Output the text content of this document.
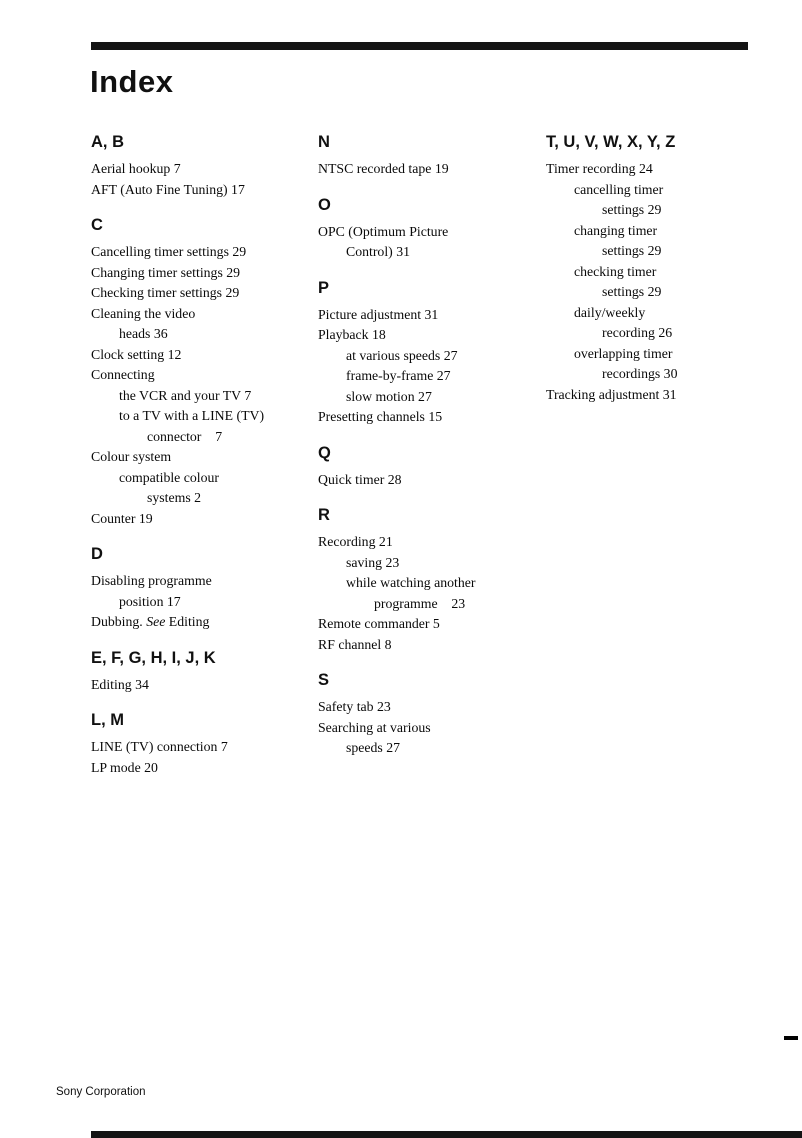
Index
A, B
Aerial hookup 7
AFT (Auto Fine Tuning) 17
C
Cancelling timer settings 29
Changing timer settings 29
Checking timer settings 29
Cleaning the video
heads 36
Clock setting 12
Connecting
the VCR and your TV 7
to a TV with a LINE (TV)
connector    7
Colour system
compatible colour
systems 2
Counter 19
D
Disabling programme
position 17
Dubbing. See Editing
E, F, G, H, I, J, K
Editing 34
L, M
LINE (TV) connection 7
LP mode 20
N
NTSC recorded tape 19
O
OPC (Optimum Picture
Control) 31
P
Picture adjustment 31
Playback 18
at various speeds 27
frame-by-frame 27
slow motion 27
Presetting channels 15
Q
Quick timer 28
R
Recording 21
saving 23
while watching another
programme    23
Remote commander 5
RF channel 8
S
Safety tab 23
Searching at various
speeds 27
T, U, V, W, X, Y, Z
Timer recording 24
cancelling timer
settings 29
changing timer
settings 29
checking timer
settings 29
daily/weekly
recording 26
overlapping timer
recordings 30
Tracking adjustment 31
Sony Corporation
